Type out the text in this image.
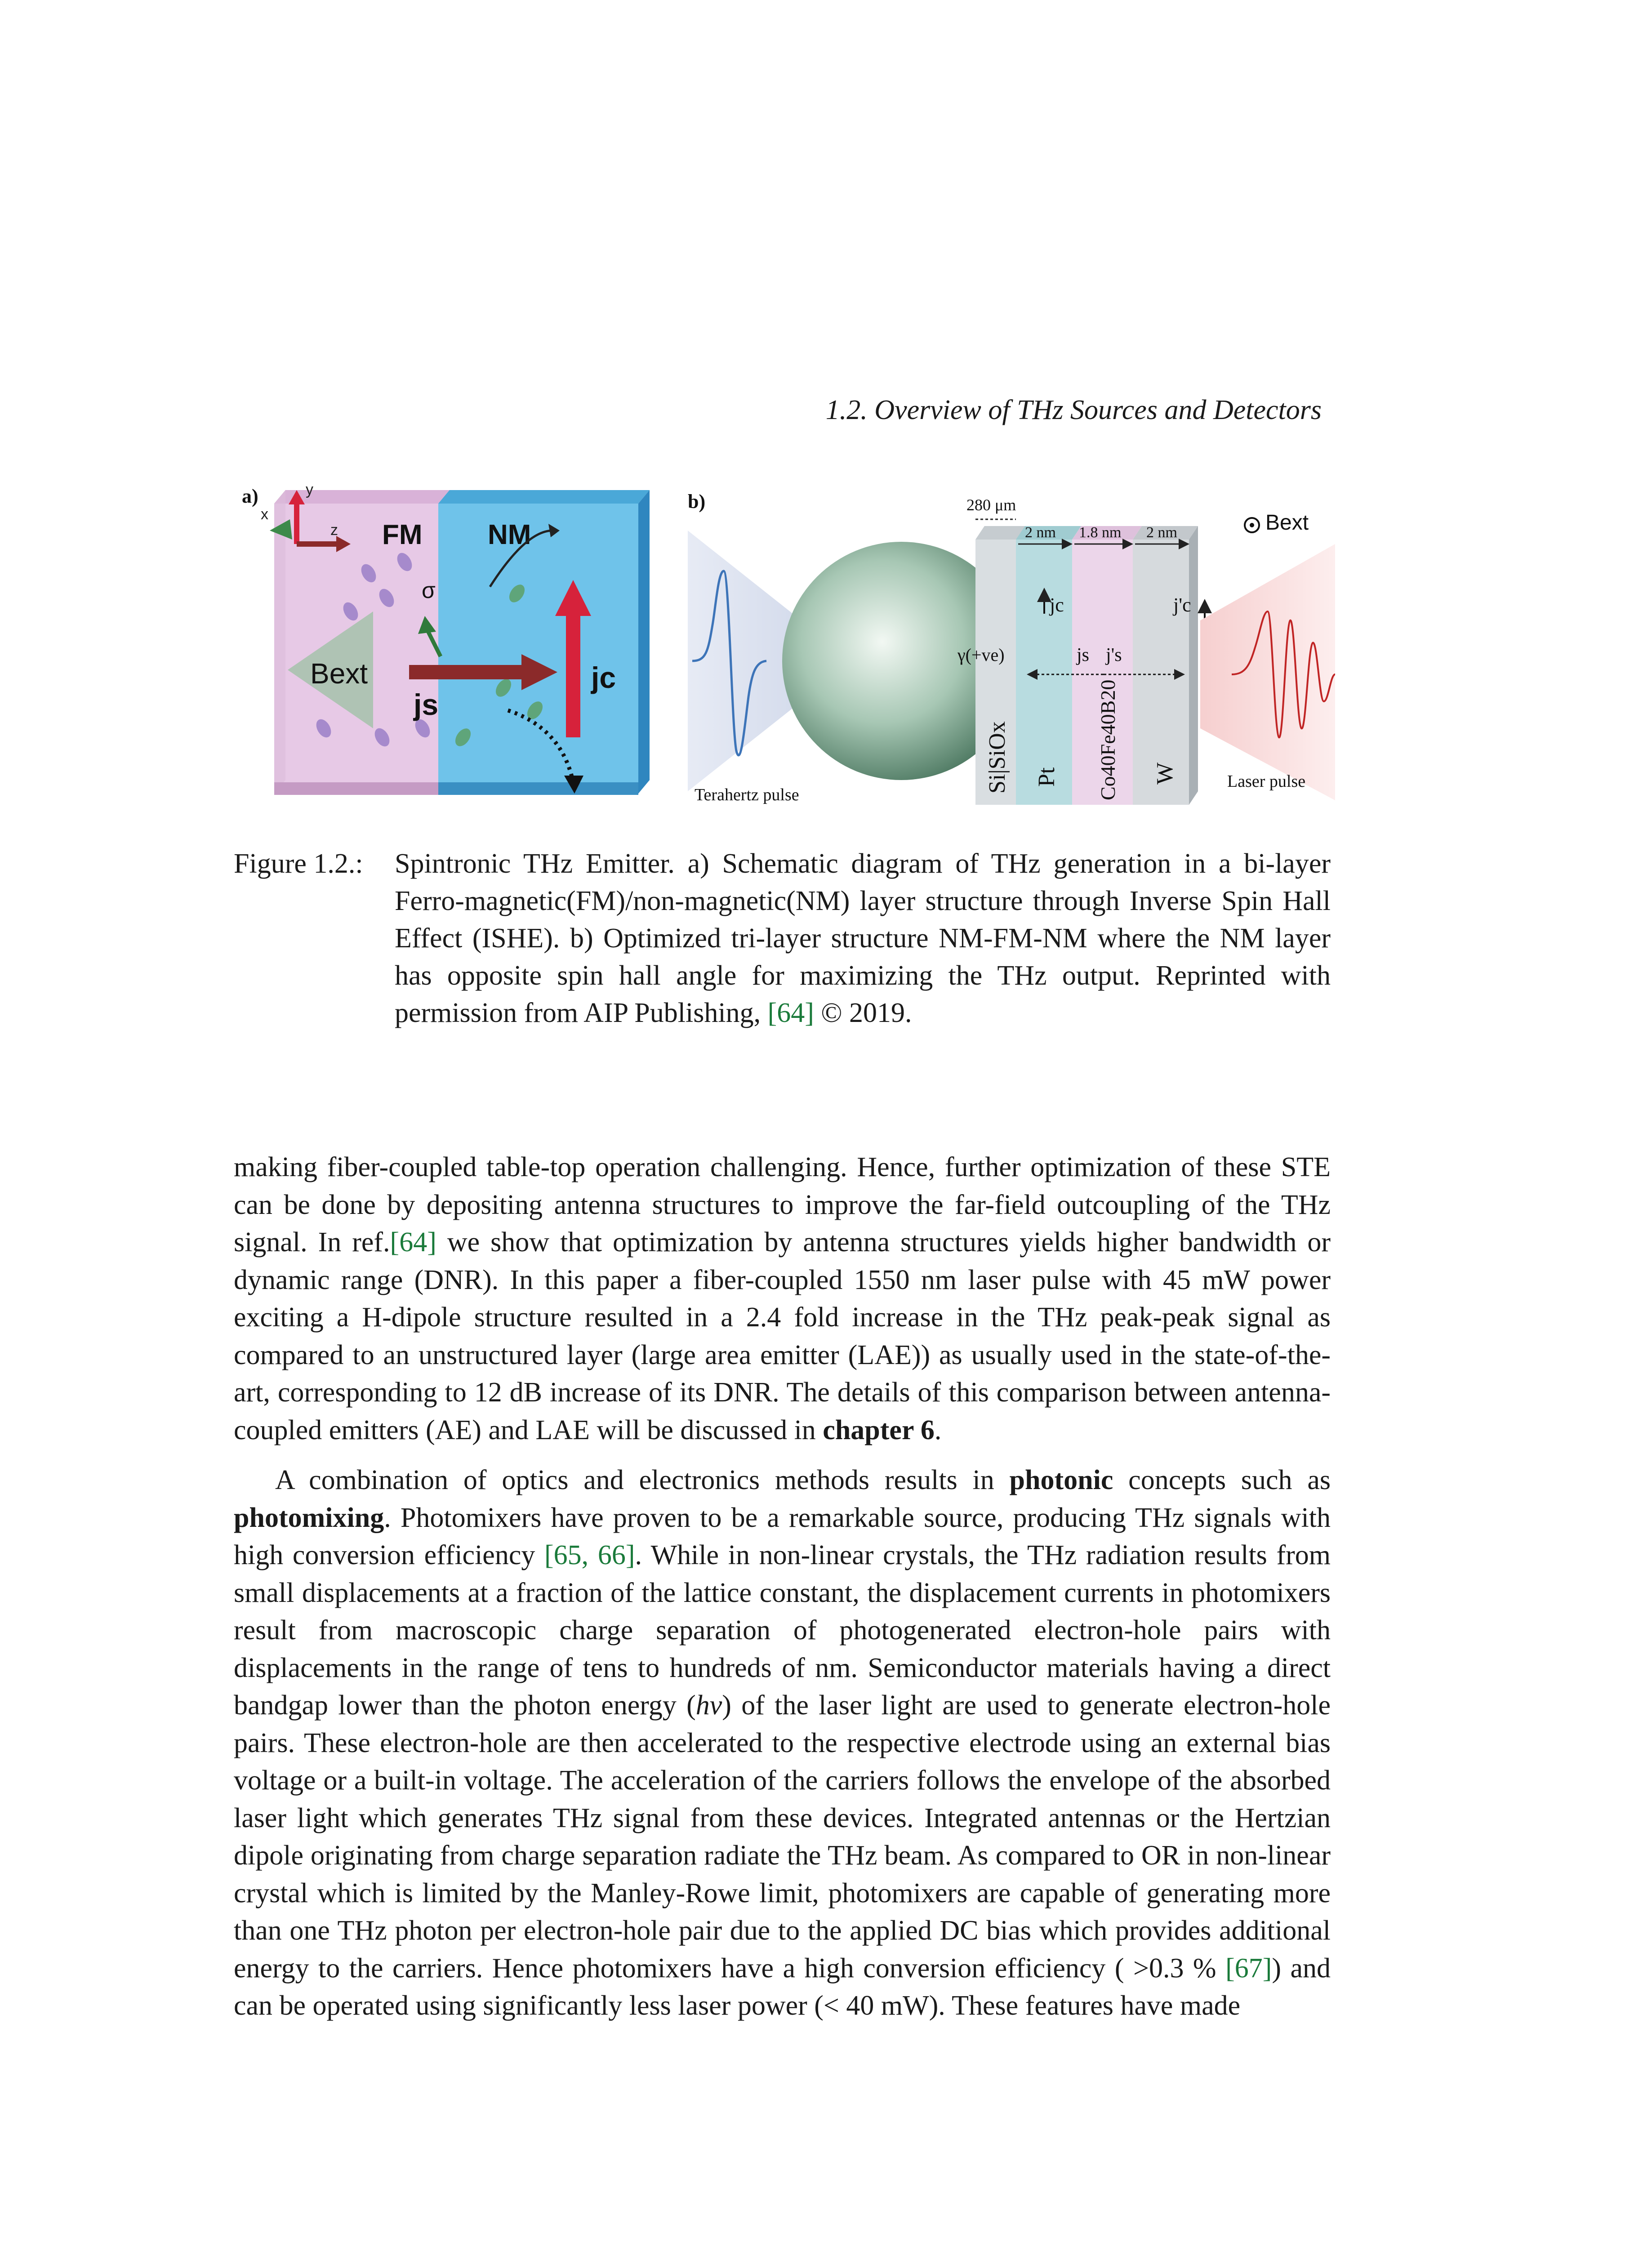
1.2. Overview of THz Sources and Detectors
y
x
z
a)
FM NM
Bext
σ
js
jc
b)
Terahertz pulse
280 μm
2 nm 1.8 nm 2 nm	Bext
jc	j'c
γ(+ve)	js j's
Si|SiOx Pt Co40Fe40B20 W	Laser pulse
Figure 1.2.: Spintronic THz Emitter. a) Schematic diagram of THz generation in a bi-layer Ferro-magnetic(FM)/non-magnetic(NM) layer structure through Inverse Spin Hall Effect (ISHE). b) Optimized tri-layer structure NM-FM-NM where the NM layer has opposite spin hall angle for maximizing the THz output. Reprinted with permission from AIP Publishing, [64] © 2019.

making fiber-coupled table-top operation challenging. Hence, further optimization of these STE can be done by depositing antenna structures to improve the far-field outcoupling of the THz signal. In ref.[64] we show that optimization by antenna structures yields higher bandwidth or dynamic range (DNR). In this paper a fiber-coupled 1550 nm laser pulse with 45 mW power exciting a H-dipole structure resulted in a 2.4 fold increase in the THz peak-peak signal as compared to an unstructured layer (large area emitter (LAE)) as usually used in the state-of-the-art, corresponding to 12 dB increase of its DNR. The details of this comparison between antenna-coupled emitters (AE) and LAE will be discussed in chapter 6.

A combination of optics and electronics methods results in photonic concepts such as photomixing. Photomixers have proven to be a remarkable source, producing THz signals with high conversion efficiency [65, 66]. While in non-linear crystals, the THz radiation results from small displacements at a fraction of the lattice constant, the displacement currents in photomixers result from macroscopic charge separation of photogenerated electron-hole pairs with displacements in the range of tens to hundreds of nm. Semiconductor materials having a direct bandgap lower than the photon energy (hv) of the laser light are used to generate electron-hole pairs. These electron-hole are then accelerated to the respective electrode using an external bias voltage or a built-in voltage. The acceleration of the carriers follows the envelope of the absorbed laser light which generates THz signal from these devices. Integrated antennas or the Hertzian dipole originating from charge separation radiate the THz beam. As compared to OR in non-linear crystal which is limited by the Manley-Rowe limit, photomixers are capable of generating more than one THz photon per electron-hole pair due to the applied DC bias which provides additional energy to the carriers. Hence photomixers have a high conversion efficiency ( >0.3 % [67]) and can be operated using significantly less laser power (< 40 mW). These features have made
